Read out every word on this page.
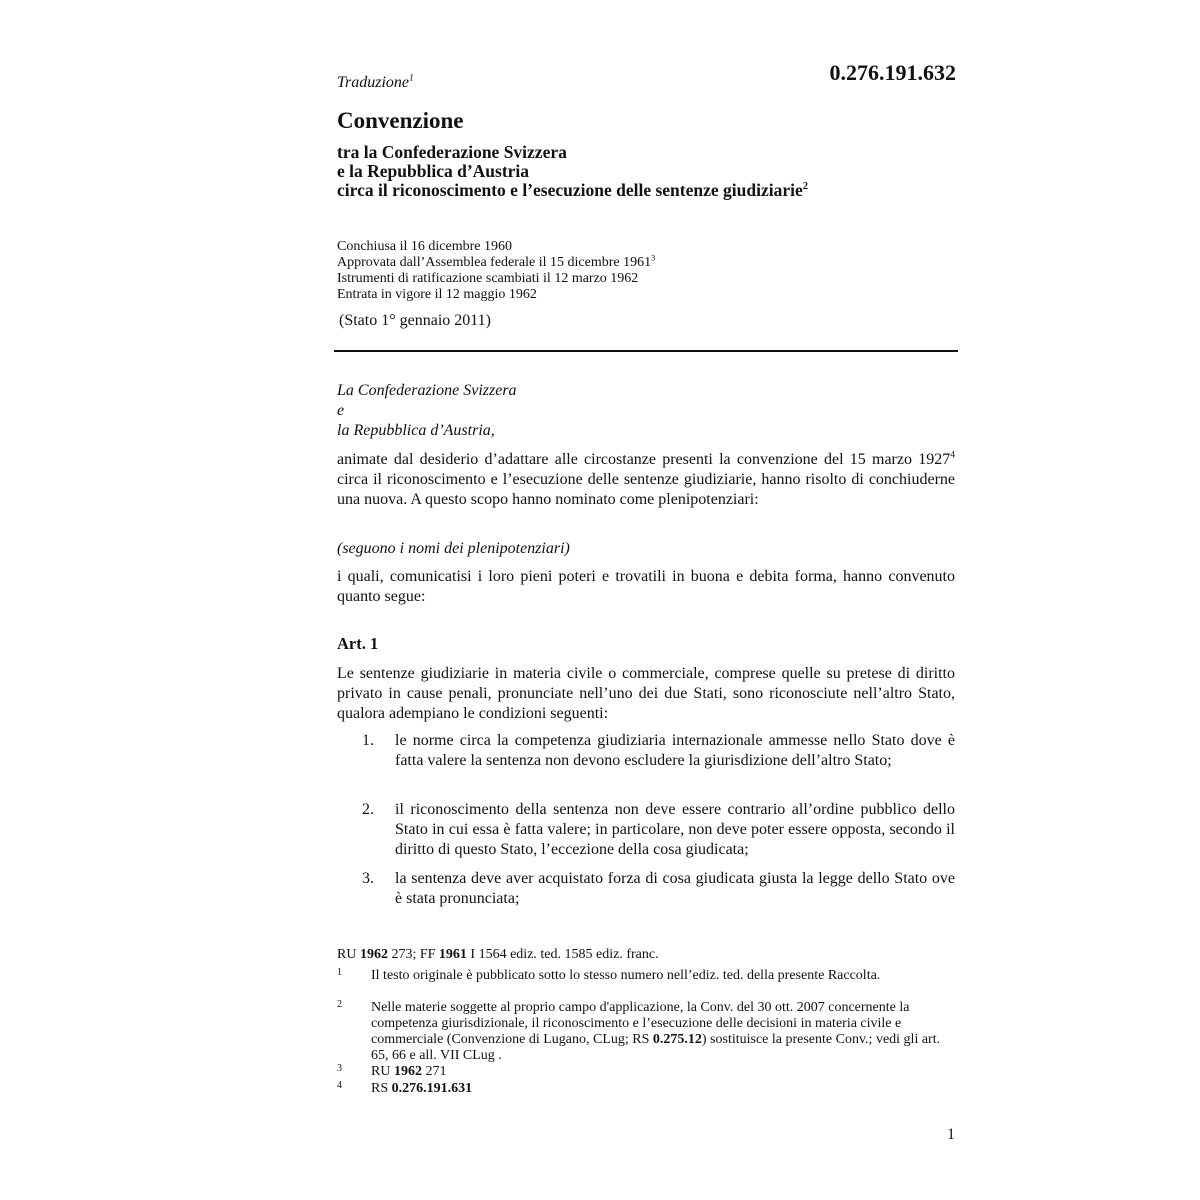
Traduzione$^1$	0.276.191.632
Convenzione
tra la Confederazione Svizzera
e la Repubblica d’Austria
circa il riconoscimento e l’esecuzione delle sentenze giudiziarie$^2$
Conchiusa il 16 dicembre 1960
Approvata dall’Assemblea federale il 15 dicembre 1961$^3$
Istrumenti di ratificazione scambiati il 12 marzo 1962
Entrata in vigore il 12 maggio 1962
(Stato 1° gennaio 2011)
La Confederazione Svizzera
e
la Repubblica d’Austria,
animate dal desiderio d’adattare alle circostanze presenti la convenzione del 15 marzo 1927$^4$ circa il riconoscimento e l’esecuzione delle sentenze giudiziarie, hanno risolto di conchiuderne una nuova. A questo scopo hanno nominato come plenipotenziari:
(seguono i nomi dei plenipotenziari)
i quali, comunicatisi i loro pieni poteri e trovatili in buona e debita forma, hanno convenuto quanto segue:
Art. 1
Le sentenze giudiziarie in materia civile o commerciale, comprese quelle su pretese di diritto privato in cause penali, pronunciate nell’uno dei due Stati, sono riconosciute nell’altro Stato, qualora adempiano le condizioni seguenti:
1. le norme circa la competenza giudiziaria internazionale ammesse nello Stato dove è fatta valere la sentenza non devono escludere la giurisdizione dell’altro Stato;
2. il riconoscimento della sentenza non deve essere contrario all’ordine pubblico dello Stato in cui essa è fatta valere; in particolare, non deve poter essere opposta, secondo il diritto di questo Stato, l’eccezione della cosa giudicata;
3. la sentenza deve aver acquistato forza di cosa giudicata giusta la legge dello Stato ove è stata pronunciata;
RU 1962 273; FF 1961 I 1564 ediz. ted. 1585 ediz. franc.
1 Il testo originale è pubblicato sotto lo stesso numero nell’ediz. ted. della presente Raccolta.
2 Nelle materie soggette al proprio campo d'applicazione, la Conv. del 30 ott. 2007 concernente la competenza giurisdizionale, il riconoscimento e l’esecuzione delle decisioni in materia civile e commerciale (Convenzione di Lugano, CLug; RS 0.275.12) sostituisce la presente Conv.; vedi gli art. 65, 66 e all. VII CLug .
3 RU 1962 271
4 RS 0.276.191.631
1
